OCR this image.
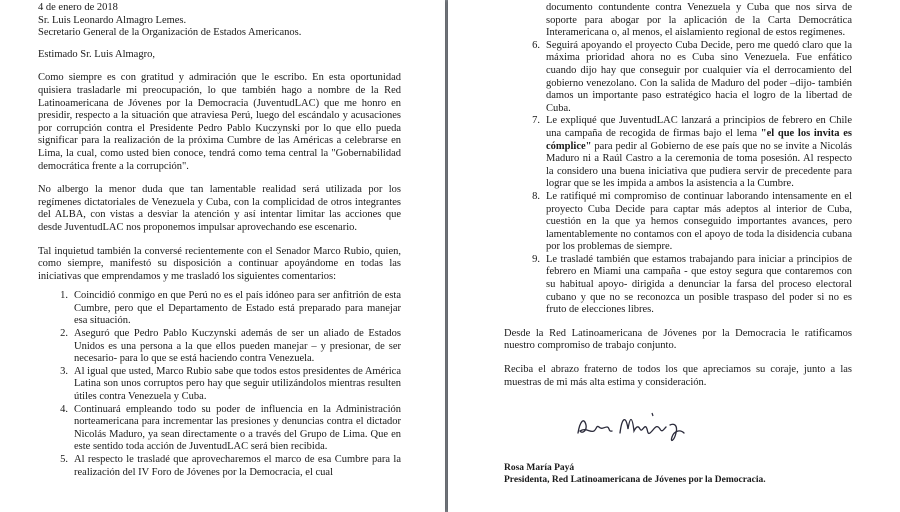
4 de enero de 2018
Sr. Luis Leonardo Almagro Lemes.
Secretario General de la Organización de Estados Americanos.
Estimado Sr. Luis Almagro,
Como siempre es con gratitud y admiración que le escribo. En esta oportunidad quisiera trasladarle mi preocupación, lo que también hago a nombre de la Red Latinoamericana de Jóvenes por la Democracia (JuventudLAC) que me honro en presidir, respecto a la situación que atraviesa Perú, luego del escándalo y acusaciones por corrupción contra el Presidente Pedro Pablo Kuczynski por lo que ello pueda significar para la realización de la próxima Cumbre de las Américas a celebrarse en Lima, la cual, como usted bien conoce, tendrá como tema central la "Gobernabilidad democrática frente a la corrupción".
No albergo la menor duda que tan lamentable realidad será utilizada por los regímenes dictatoriales de Venezuela y Cuba, con la complicidad de otros integrantes del ALBA, con vistas a desviar la atención y así intentar limitar las acciones que desde JuventudLAC nos proponemos impulsar aprovechando ese escenario.
Tal inquietud también la conversé recientemente con el Senador Marco Rubio, quien, como siempre, manifestó su disposición a continuar apoyándome en todas las iniciativas que emprendamos y me trasladó los siguientes comentarios:
1. Coincidió conmigo en que Perú no es el país idóneo para ser anfitrión de esta Cumbre, pero que el Departamento de Estado está preparado para manejar esa situación.
2. Aseguró que Pedro Pablo Kuczynski además de ser un aliado de Estados Unidos es una persona a la que ellos pueden manejar – y presionar, de ser necesario- para lo que se está haciendo contra Venezuela.
3. Al igual que usted, Marco Rubio sabe que todos estos presidentes de América Latina son unos corruptos pero hay que seguir utilizándolos mientras resulten útiles contra Venezuela y Cuba.
4. Continuará empleando todo su poder de influencia en la Administración norteamericana para incrementar las presiones y denuncias contra el dictador Nicolás Maduro, ya sean directamente o a través del Grupo de Lima. Que en este sentido toda acción de JuventudLAC será bien recibida.
5. Al respecto le trasladé que aprovecharemos el marco de esa Cumbre para la realización del IV Foro de Jóvenes por la Democracia, el cual
documento contundente contra Venezuela y Cuba que nos sirva de soporte para abogar por la aplicación de la Carta Democrática Interamericana o, al menos, el aislamiento regional de estos regímenes.
6. Seguirá apoyando el proyecto Cuba Decide, pero me quedó claro que la máxima prioridad ahora no es Cuba sino Venezuela. Fue enfático cuando dijo hay que conseguir por cualquier vía el derrocamiento del gobierno venezolano. Con la salida de Maduro del poder –dijo- también damos un importante paso estratégico hacia el logro de la libertad de Cuba.
7. Le expliqué que JuventudLAC lanzará a principios de febrero en Chile una campaña de recogida de firmas bajo el lema "el que los invita es cómplice" para pedir al Gobierno de ese país que no se invite a Nicolás Maduro ni a Raúl Castro a la ceremonia de toma posesión. Al respecto la considero una buena iniciativa que pudiera servir de precedente para lograr que se les impida a ambos la asistencia a la Cumbre.
8. Le ratifiqué mi compromiso de continuar laborando intensamente en el proyecto Cuba Decide para captar más adeptos al interior de Cuba, cuestión en la que ya hemos conseguido importantes avances, pero lamentablemente no contamos con el apoyo de toda la disidencia cubana por los problemas de siempre.
9. Le trasladé también que estamos trabajando para iniciar a principios de febrero en Miami una campaña - que estoy segura que contaremos con su habitual apoyo- dirigida a denunciar la farsa del proceso electoral cubano y que no se reconozca un posible traspaso del poder si no es fruto de elecciones libres.
Desde la Red Latinoamericana de Jóvenes por la Democracia le ratificamos nuestro compromiso de trabajo conjunto.
Reciba el abrazo fraterno de todos los que apreciamos su coraje, junto a las muestras de mi más alta estima y consideración.
Rosa María Payá
Presidenta, Red Latinoamericana de Jóvenes por la Democracia.
